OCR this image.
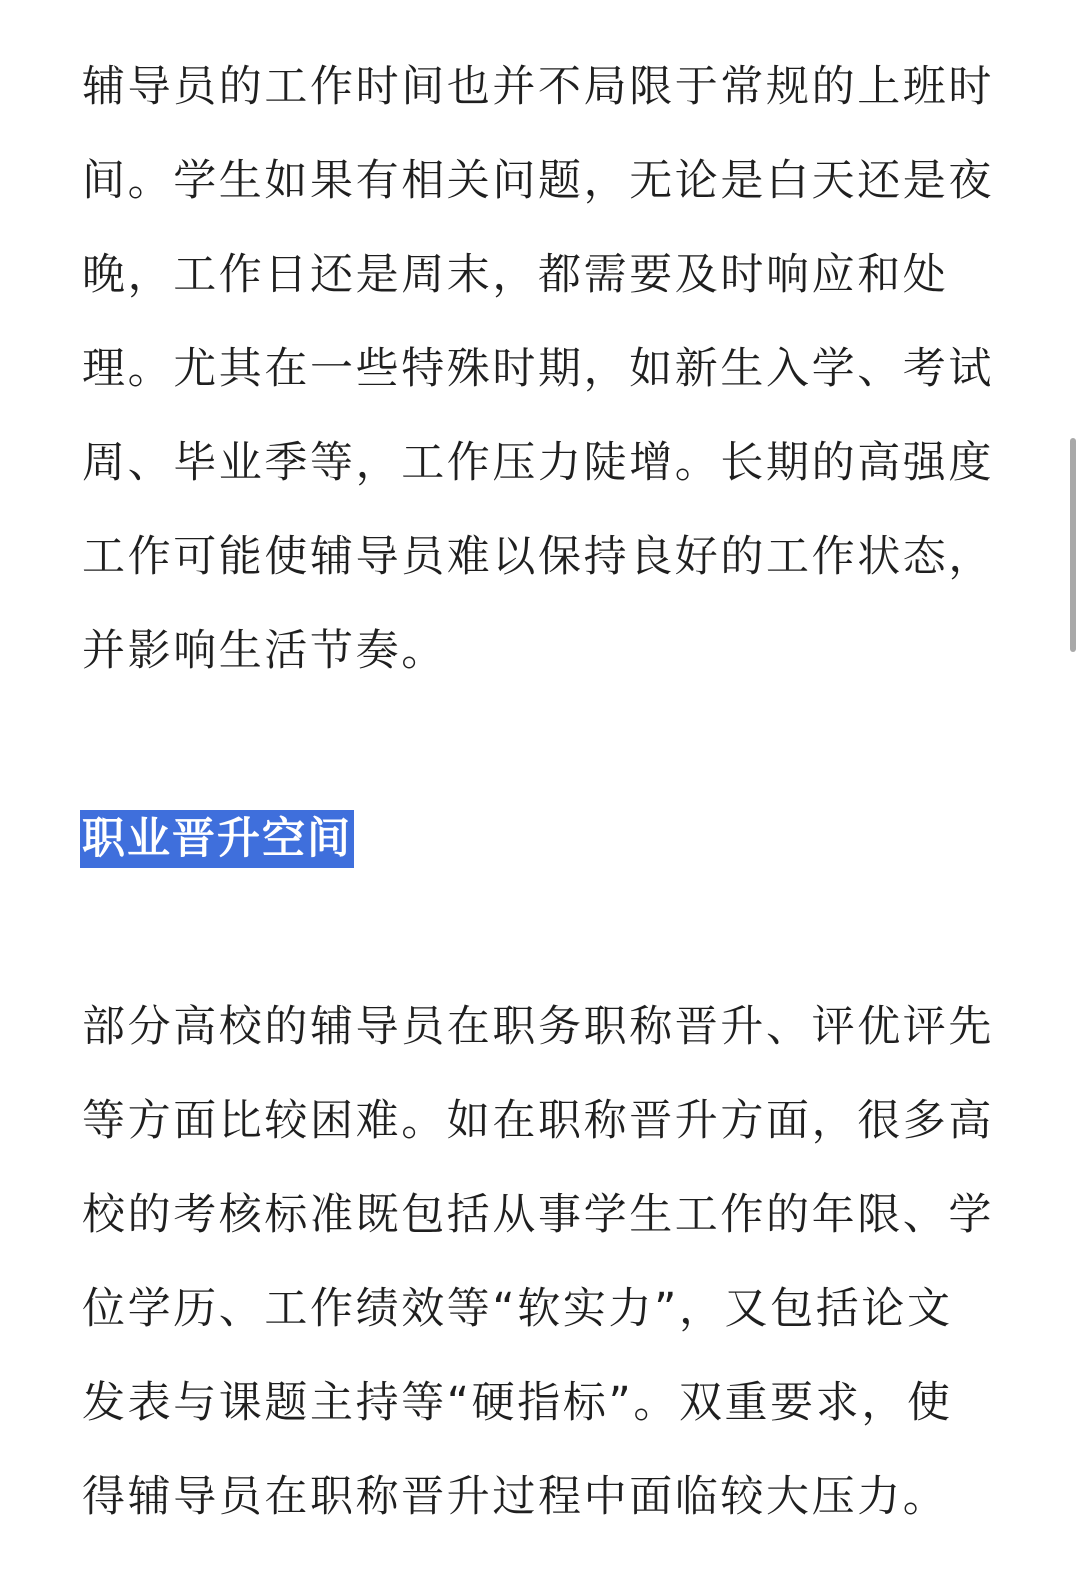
辅导员的工作时间也并不局限于常规的上班时
间。学生如果有相关问题，无论是白天还是夜
晚，工作日还是周末，都需要及时响应和处
理。尤其在一些特殊时期，如新生入学、考试
周、毕业季等，工作压力陡增。长期的高强度
工作可能使辅导员难以保持良好的工作状态，
并影响生活节奏。

职业晋升空间

部分高校的辅导员在职务职称晋升、评优评先
等方面比较困难。如在职称晋升方面，很多高
校的考核标准既包括从事学生工作的年限、学
位学历、工作绩效等“软实力”，又包括论文
发表与课题主持等“硬指标”。双重要求，使
得辅导员在职称晋升过程中面临较大压力。
